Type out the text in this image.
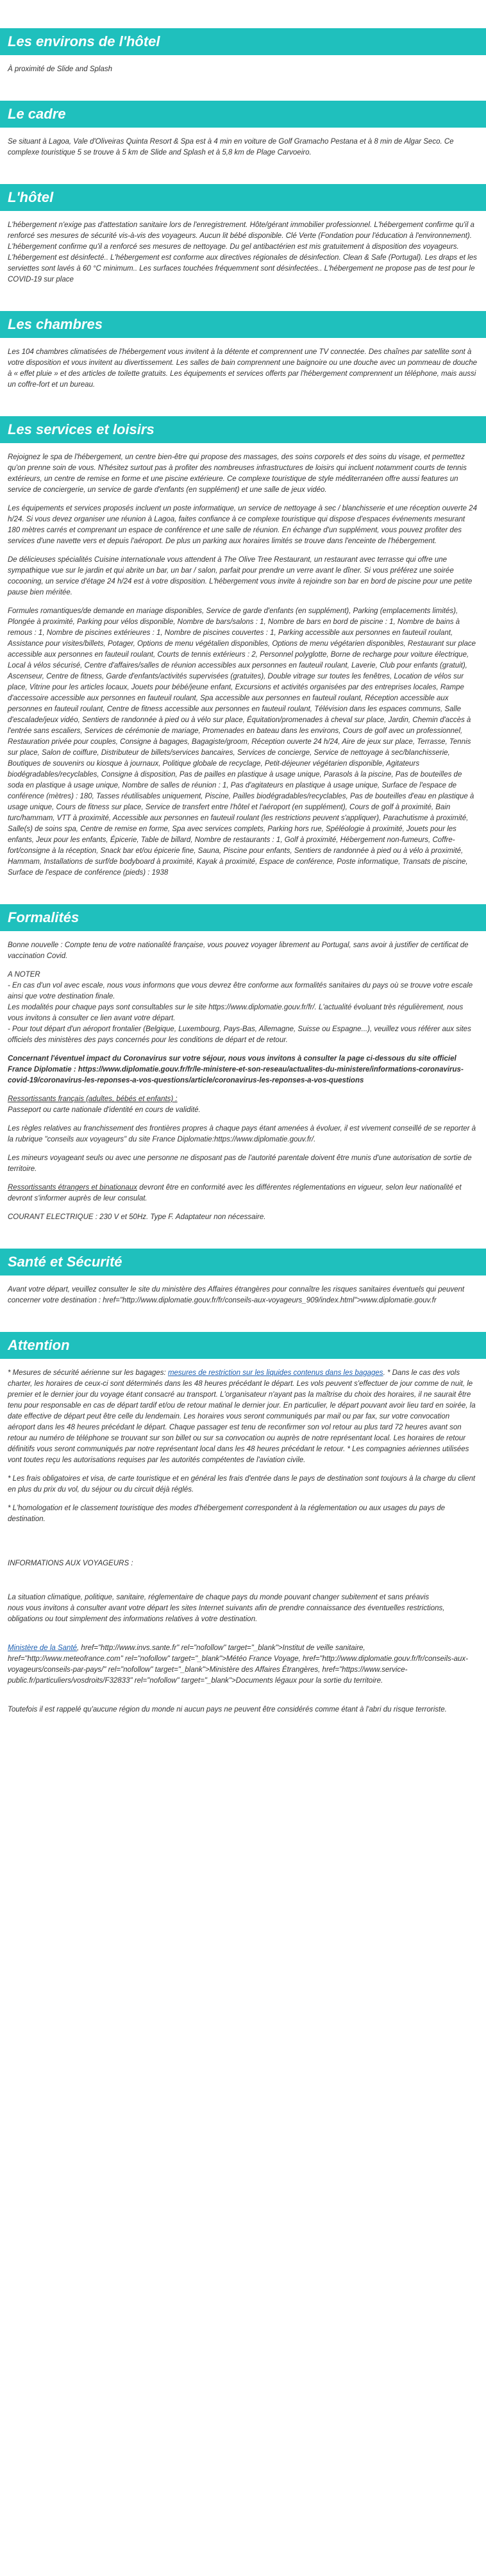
Les environs de l'hôtel

À proximité de Slide and Splash

Le cadre

Se situant à Lagoa, Vale d'Oliveiras Quinta Resort & Spa est à 4 min en voiture de Golf Gramacho Pestana et à 8 min de Algar Seco. Ce complexe touristique 5 se trouve à 5 km de Slide and Splash et à 5,8 km de Plage Carvoeiro.

L'hôtel

L'hébergement n'exige pas d'attestation sanitaire lors de l'enregistrement. Hôte/gérant immobilier professionnel. L'hébergement confirme qu'il a renforcé ses mesures de sécurité vis-à-vis des voyageurs. Aucun lit bébé disponible. Clé Verte (Fondation pour l'éducation à l'environnement). L'hébergement confirme qu'il a renforcé ses mesures de nettoyage. Du gel antibactérien est mis gratuitement à disposition des voyageurs. L'hébergement est désinfecté.. L'hébergement est conforme aux directives régionales de désinfection. Clean & Safe (Portugal). Les draps et les serviettes sont lavés à 60 °C minimum.. Les surfaces touchées fréquemment sont désinfectées.. L'hébergement ne propose pas de test pour le COVID-19 sur place

Les chambres

Les 104 chambres climatisées de l'hébergement vous invitent à la détente et comprennent une TV connectée. Des chaînes par satellite sont à votre disposition et vous invitent au divertissement. Les salles de bain comprennent une baignoire ou une douche avec un pommeau de douche à « effet pluie » et des articles de toilette gratuits. Les équipements et services offerts par l'hébergement comprennent un téléphone, mais aussi un coffre-fort et un bureau.

Les services et loisirs

Rejoignez le spa de l'hébergement, un centre bien-être qui propose des massages, des soins corporels et des soins du visage, et permettez qu'on prenne soin de vous. N'hésitez surtout pas à profiter des nombreuses infrastructures de loisirs qui incluent notamment courts de tennis extérieurs, un centre de remise en forme et une piscine extérieure. Ce complexe touristique de style méditerranéen offre aussi features un service de conciergerie, un service de garde d'enfants (en supplément) et une salle de jeux vidéo.

Les équipements et services proposés incluent un poste informatique, un service de nettoyage à sec / blanchisserie et une réception ouverte 24 h/24. Si vous devez organiser une réunion à Lagoa, faites confiance à ce complexe touristique qui dispose d'espaces événements mesurant 180 mètres carrés et comprenant un espace de conférence et une salle de réunion. En échange d'un supplément, vous pouvez profiter des services d'une navette vers et depuis l'aéroport. De plus un parking aux horaires limités se trouve dans l'enceinte de l'hébergement.

De délicieuses spécialités Cuisine internationale vous attendent à The Olive Tree Restaurant, un restaurant avec terrasse qui offre une sympathique vue sur le jardin et qui abrite un bar, un bar / salon, parfait pour prendre un verre avant le dîner. Si vous préférez une soirée cocooning, un service d'étage 24 h/24 est à votre disposition. L'hébergement vous invite à rejoindre son bar en bord de piscine pour une petite pause bien méritée.

Formules romantiques/de demande en mariage disponibles, Service de garde d'enfants (en supplément), Parking (emplacements limités), Plongée à proximité, Parking pour vélos disponible, Nombre de bars/salons : 1, Nombre de bars en bord de piscine : 1, Nombre de bains à remous : 1, Nombre de piscines extérieures : 1, Nombre de piscines couvertes : 1, Parking accessible aux personnes en fauteuil roulant, Assistance pour visites/billets, Potager, Options de menu végétalien disponibles, Options de menu végétarien disponibles, Restaurant sur place accessible aux personnes en fauteuil roulant, Courts de tennis extérieurs : 2, Personnel polyglotte, Borne de recharge pour voiture électrique, Local à vélos sécurisé, Centre d'affaires/salles de réunion accessibles aux personnes en fauteuil roulant, Laverie, Club pour enfants (gratuit), Ascenseur, Centre de fitness, Garde d'enfants/activités supervisées (gratuites), Double vitrage sur toutes les fenêtres, Location de vélos sur place, Vitrine pour les articles locaux, Jouets pour bébé/jeune enfant, Excursions et activités organisées par des entreprises locales, Rampe d'accessoire accessible aux personnes en fauteuil roulant, Spa accessible aux personnes en fauteuil roulant, Réception accessible aux personnes en fauteuil roulant, Centre de fitness accessible aux personnes en fauteuil roulant, Télévision dans les espaces communs, Salle d'escalade/jeux vidéo, Sentiers de randonnée à pied ou à vélo sur place, Équitation/promenades à cheval sur place, Jardin, Chemin d'accès à l'entrée sans escaliers, Services de cérémonie de mariage, Promenades en bateau dans les environs, Cours de golf avec un professionnel, Restauration privée pour couples, Consigne à bagages, Bagagiste/groom, Réception ouverte 24 h/24, Aire de jeux sur place, Terrasse, Tennis sur place, Salon de coiffure, Distributeur de billets/services bancaires, Services de concierge, Service de nettoyage à sec/blanchisserie, Boutiques de souvenirs ou kiosque à journaux, Politique globale de recyclage, Petit-déjeuner végétarien disponible, Agitateurs biodégradables/recyclables, Consigne à disposition, Pas de pailles en plastique à usage unique, Parasols à la piscine, Pas de bouteilles de soda en plastique à usage unique, Nombre de salles de réunion : 1, Pas d'agitateurs en plastique à usage unique, Surface de l'espace de conférence (mètres) : 180, Tasses réutilisables uniquement, Piscine, Pailles biodégradables/recyclables, Pas de bouteilles d'eau en plastique à usage unique, Cours de fitness sur place, Service de transfert entre l'hôtel et l'aéroport (en supplément), Cours de golf à proximité, Bain turc/hammam, VTT à proximité, Accessible aux personnes en fauteuil roulant (les restrictions peuvent s'appliquer), Parachutisme à proximité, Salle(s) de soins spa, Centre de remise en forme, Spa avec services complets, Parking hors rue, Spéléologie à proximité, Jouets pour les enfants, Jeux pour les enfants, Épicerie, Table de billard, Nombre de restaurants : 1, Golf à proximité, Hébergement non-fumeurs, Coffre-fort/consigne à la réception, Snack bar et/ou épicerie fine, Sauna, Piscine pour enfants, Sentiers de randonnée à pied ou à vélo à proximité, Hammam, Installations de surf/de bodyboard à proximité, Kayak à proximité, Espace de conférence, Poste informatique, Transats de piscine, Surface de l'espace de conférence (pieds) : 1938

Formalités

Bonne nouvelle : Compte tenu de votre nationalité française, vous pouvez voyager librement au Portugal, sans avoir à justifier de certificat de vaccination Covid.

A NOTER
- En cas d'un vol avec escale, nous vous informons que vous devrez être conforme aux formalités sanitaires du pays où se trouve votre escale ainsi que votre destination finale.
Les modalités pour chaque pays sont consultables sur le site https://www.diplomatie.gouv.fr/fr/. L'actualité évoluant très régulièrement, nous vous invitons à consulter ce lien avant votre départ.
- Pour tout départ d'un aéroport frontalier (Belgique, Luxembourg, Pays-Bas, Allemagne, Suisse ou Espagne...), veuillez vous référer aux sites officiels des ministères des pays concernés pour les conditions de départ et de retour.

Concernant l'éventuel impact du Coronavirus sur votre séjour, nous vous invitons à consulter la page ci-dessous du site officiel France Diplomatie : https://www.diplomatie.gouv.fr/fr/le-ministere-et-son-reseau/actualites-du-ministere/informations-coronavirus-covid-19/coronavirus-les-reponses-a-vos-questions/article/coronavirus-les-reponses-a-vos-questions

Ressortissants français (adultes, bébés et enfants) :
Passeport ou carte nationale d'identité en cours de validité.

Les règles relatives au franchissement des frontières propres à chaque pays étant amenées à évoluer, il est vivement conseillé de se reporter à la rubrique "conseils aux voyageurs" du site France Diplomatie:https://www.diplomatie.gouv.fr/.

Les mineurs voyageant seuls ou avec une personne ne disposant pas de l'autorité parentale doivent être munis d'une autorisation de sortie de territoire.

Ressortissants étrangers et binationaux devront être en conformité avec les différentes réglementations en vigueur, selon leur nationalité et devront s'informer auprès de leur consulat.

COURANT ELECTRIQUE : 230 V et 50Hz. Type F. Adaptateur non nécessaire.

Santé et Sécurité

Avant votre départ, veuillez consulter le site du ministère des Affaires étrangères pour connaître les risques sanitaires éventuels qui peuvent concerner votre destination : href="http://www.diplomatie.gouv.fr/fr/conseils-aux-voyageurs_909/index.html">www.diplomatie.gouv.fr

Attention

* Mesures de sécurité aérienne sur les bagages: mesures de restriction sur les liquides contenus dans les bagages. * Dans le cas des vols charter, les horaires de ceux-ci sont déterminés dans les 48 heures précédant le départ. Les vols peuvent s'effectuer de jour comme de nuit, le premier et le dernier jour du voyage étant consacré au transport. L'organisateur n'ayant pas la maîtrise du choix des horaires, il ne saurait être tenu pour responsable en cas de départ tardif et/ou de retour matinal le dernier jour. En particulier, le départ pouvant avoir lieu tard en soirée, la date effective de départ peut être celle du lendemain. Les horaires vous seront communiqués par mail ou par fax, sur votre convocation aéroport dans les 48 heures précédant le départ. Chaque passager est tenu de reconfirmer son vol retour au plus tard 72 heures avant son retour au numéro de téléphone se trouvant sur son billet ou sur sa convocation ou auprès de notre représentant local. Les horaires de retour définitifs vous seront communiqués par notre représentant local dans les 48 heures précédant le retour. * Les compagnies aériennes utilisées vont toutes reçu les autorisations requises par les autorités compétentes de l'aviation civile.

* Les frais obligatoires et visa, de carte touristique et en général les frais d'entrée dans le pays de destination sont toujours à la charge du client en plus du prix du vol, du séjour ou du circuit déjà réglés.

* L'homologation et le classement touristique des modes d'hébergement correspondent à la réglementation ou aux usages du pays de destination.

INFORMATIONS AUX VOYAGEURS :

La situation climatique, politique, sanitaire, réglementaire de chaque pays du monde pouvant changer subitement et sans préavis
nous vous invitons à consulter avant votre départ les sites Internet suivants afin de prendre connaissance des éventuelles restrictions, obligations ou tout simplement des informations relatives à votre destination.

Ministère de la Santé, href="http://www.invs.sante.fr" rel="nofollow" target="_blank">Institut de veille sanitaire, href="http://www.meteofrance.com" rel="nofollow" target="_blank">Météo France Voyage, href="http://www.diplomatie.gouv.fr/fr/conseils-aux-voyageurs/conseils-par-pays/" rel="nofollow" target="_blank">Ministère des Affaires Étrangères, href="https://www.service-public.fr/particuliers/vosdroits/F32833" rel="nofollow" target="_blank">Documents légaux pour la sortie du territoire.

Toutefois il est rappelé qu'aucune région du monde ni aucun pays ne peuvent être considérés comme étant à l'abri du risque terroriste.
